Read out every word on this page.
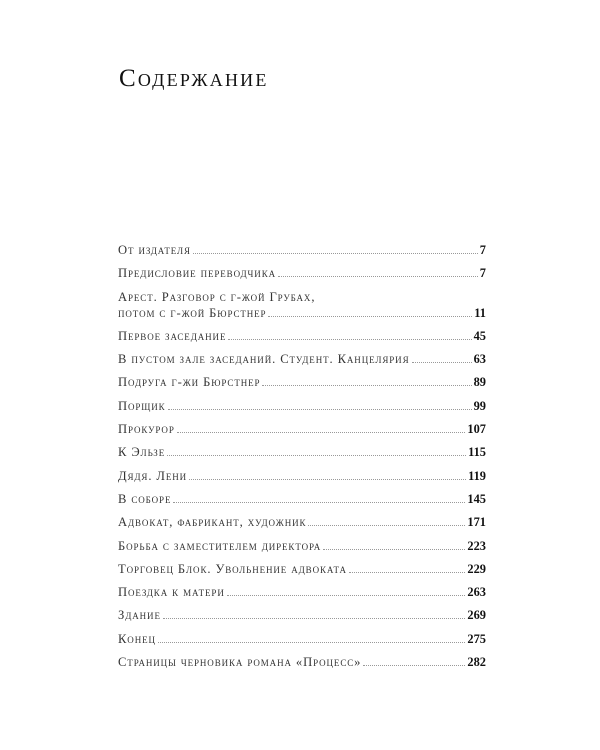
Содержание
От издателя	7
Предисловие переводчика	7
Арест. Разговор с г-жой Грубах,
потом с г-жой Бюрстнер	11
Первое заседание	45
В пустом зале заседаний. Студент. Канцелярия	63
Подруга г-жи Бюрстнер	89
Порщик	99
Прокурор	107
К Эльзе	115
Дядя. Лени	119
В соборе	145
Адвокат, фабрикант, художник	171
Борьба с заместителем директора	223
Торговец Блок. Увольнение адвоката	229
Поездка к матери	263
Здание	269
Конец	275
Страницы черновика романа «Процесс»	282
